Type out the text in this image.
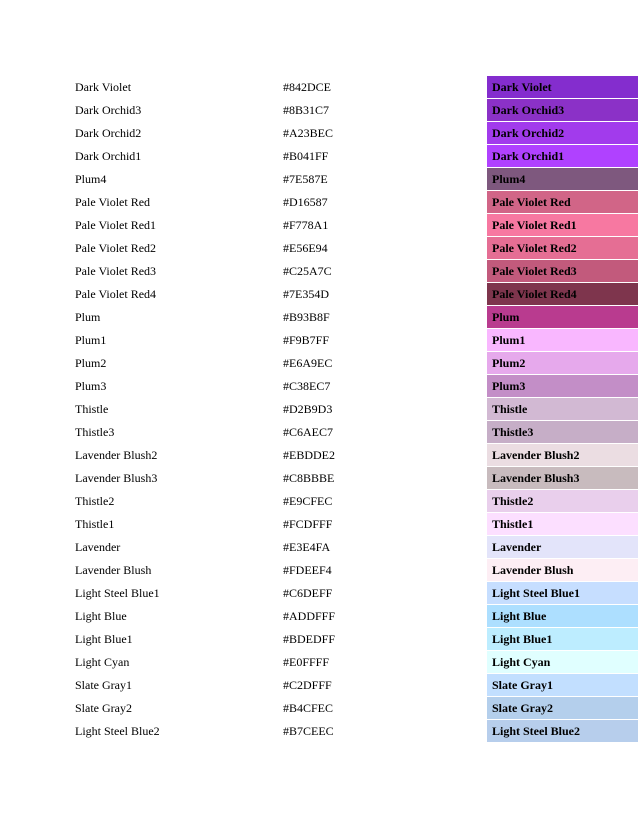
Dark Violet	#842DCE	Dark Violet
Dark Orchid3	#8B31C7	Dark Orchid3
Dark Orchid2	#A23BEC	Dark Orchid2
Dark Orchid1	#B041FF	Dark Orchid1
Plum4	#7E587E	Plum4
Pale Violet Red	#D16587	Pale Violet Red
Pale Violet Red1	#F778A1	Pale Violet Red1
Pale Violet Red2	#E56E94	Pale Violet Red2
Pale Violet Red3	#C25A7C	Pale Violet Red3
Pale Violet Red4	#7E354D	Pale Violet Red4
Plum	#B93B8F	Plum
Plum1	#F9B7FF	Plum1
Plum2	#E6A9EC	Plum2
Plum3	#C38EC7	Plum3
Thistle	#D2B9D3	Thistle
Thistle3	#C6AEC7	Thistle3
Lavender Blush2	#EBDDE2	Lavender Blush2
Lavender Blush3	#C8BBBE	Lavender Blush3
Thistle2	#E9CFEC	Thistle2
Thistle1	#FCDFFF	Thistle1
Lavender	#E3E4FA	Lavender
Lavender Blush	#FDEEF4	Lavender Blush
Light Steel Blue1	#C6DEFF	Light Steel Blue1
Light Blue	#ADDFFF	Light Blue
Light Blue1	#BDEDFF	Light Blue1
Light Cyan	#E0FFFF	Light Cyan
Slate Gray1	#C2DFFF	Slate Gray1
Slate Gray2	#B4CFEC	Slate Gray2
Light Steel Blue2	#B7CEEC	Light Steel Blue2
